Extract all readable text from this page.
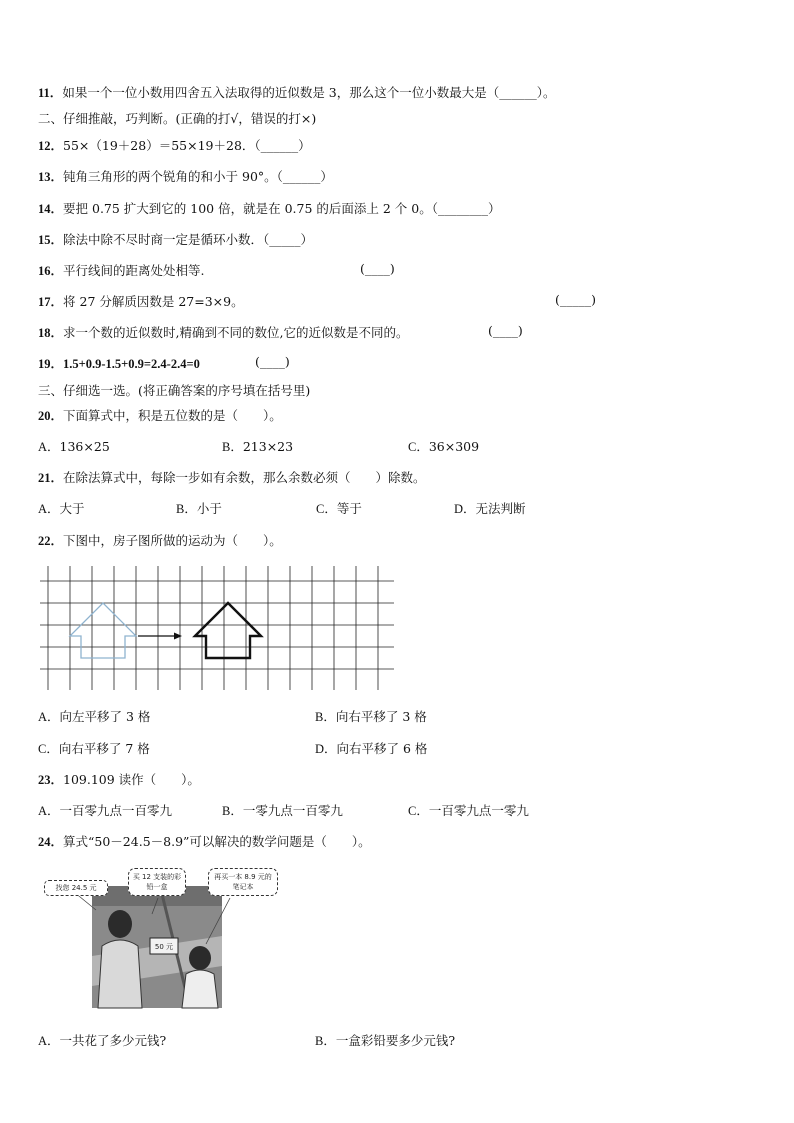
11．如果一个一位小数用四舍五入法取得的近似数是 3，那么这个一位小数最大是（______）。
二、仔细推敲，巧判断。(正确的打√，错误的打×)
12．55×（19＋28）＝55×19＋28．（______）
13．钝角三角形的两个锐角的和小于 90°。（______）
14．要把 0.75 扩大到它的 100 倍，就是在 0.75 的后面添上 2 个 0。（________）
15．除法中除不尽时商一定是循环小数．（_____）
16．平行线间的距离处处相等.	(____)
17．将 27 分解质因数是 27=3×9。	(_____)
18．求一个数的近似数时,精确到不同的数位,它的近似数是不同的。	(____)
19．1.5+0.9-1.5+0.9=2.4-2.4=0	(____)
三、仔细选一选。(将正确答案的序号填在括号里)
20．下面算式中，积是五位数的是（　　）。
A．136×25	B．213×23	C．36×309
21．在除法算式中，每除一步如有余数，那么余数必须（　　）除数。
A．大于	B．小于	C．等于	D．无法判断
22．下图中，房子图所做的运动为（　　）。
A．向左平移了 3 格	B．向右平移了 3 格
C．向右平移了 7 格	D．向右平移了 6 格
23．109.109 读作（　　）。
A．一百零九点一百零九	B．一零九点一百零九	C．一百零九点一零九
24．算式“50－24.5－8.9”可以解决的数学问题是（　　）。
找您 24.5 元
买 12 支装的彩铅一盒
再买一本 8.9 元的笔记本
50 元
A．一共花了多少元钱?	B．一盒彩铅要多少元钱?
